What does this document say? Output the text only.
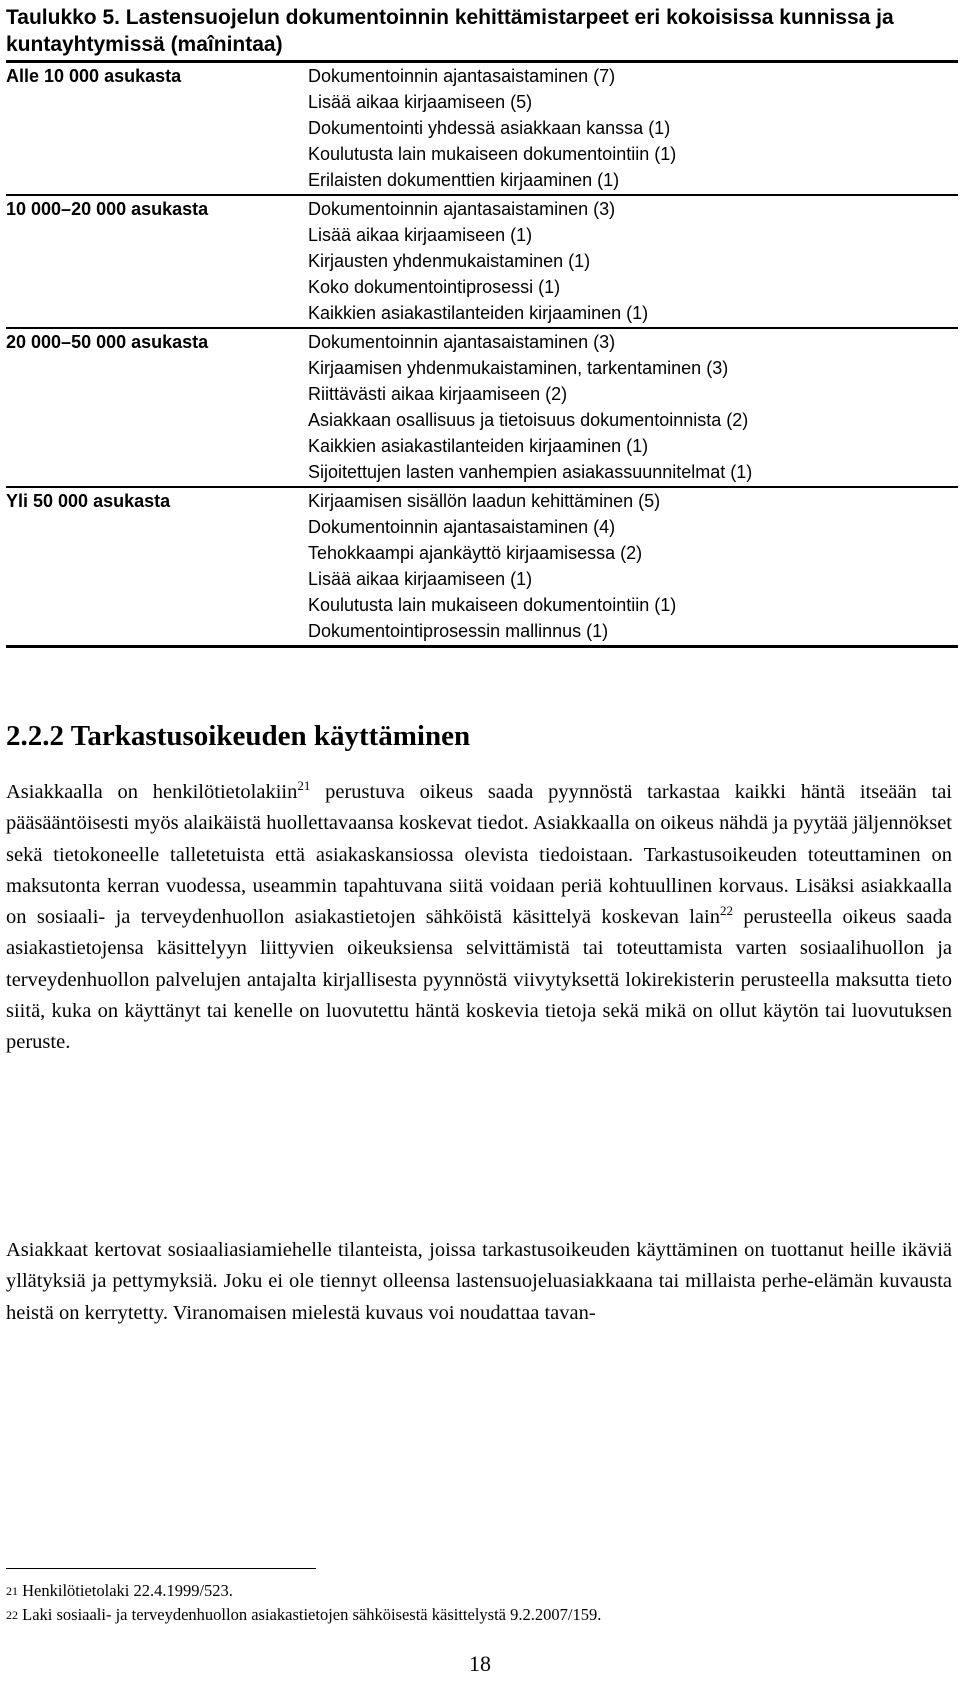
Taulukko 5. Lastensuojelun dokumentoinnin kehittämistarpeet eri kokoisissa kunnissa ja kuntayhtymissä (maînintaa)
Alle 10 000 asukasta	Dokumentoinnin ajantasaistaminen (7)
Lisää aikaa kirjaamiseen (5)
Dokumentointi yhdessä asiakkaan kanssa (1)
Koulutusta lain mukaiseen dokumentointiin (1)
Erilaisten dokumenttien kirjaaminen (1)
10 000–20 000 asukasta	Dokumentoinnin ajantasaistaminen (3)
Lisää aikaa kirjaamiseen (1)
Kirjausten yhdenmukaistaminen (1)
Koko dokumentointiprosessi (1)
Kaikkien asiakastilanteiden kirjaaminen (1)
20 000–50 000 asukasta	Dokumentoinnin ajantasaistaminen (3)
Kirjaamisen yhdenmukaistaminen, tarkentaminen (3)
Riittävästi aikaa kirjaamiseen (2)
Asiakkaan osallisuus ja tietoisuus dokumentoinnista (2)
Kaikkien asiakastilanteiden kirjaaminen (1)
Sijoitettujen lasten vanhempien asiakassuunnitelmat (1)
Yli 50 000 asukasta	Kirjaamisen sisällön laadun kehittäminen (5)
Dokumentoinnin ajantasaistaminen (4)
Tehokkaampi ajankäyttö kirjaamisessa (2)
Lisää aikaa kirjaamiseen (1)
Koulutusta lain mukaiseen dokumentointiin (1)
Dokumentointiprosessin mallinnus (1)
2.2.2 Tarkastusoikeuden käyttäminen

Asiakkaalla on henkilötietolakiin$^{21}$ perustuva oikeus saada pyynnöstä tarkastaa kaikki häntä itseään tai pääsääntöisesti myös alaikäistä huollettavaansa koskevat tiedot. Asiakkaalla on oikeus nähdä ja pyytää jäljennökset sekä tietokoneelle talletetuista että asiakaskansiossa olevista tiedoistaan. Tarkastusoikeuden toteuttaminen on maksutonta kerran vuodessa, useammin tapahtuvana siitä voidaan periä kohtuullinen korvaus. Lisäksi asiakkaalla on sosiaali- ja terveydenhuollon asiakastietojen sähköistä käsittelyä koskevan lain$^{22}$ perusteella oikeus saada asiakastietojensa käsittelyyn liittyvien oikeuksiensa selvittämistä tai toteuttamista varten sosiaalihuollon ja terveydenhuollon palvelujen antajalta kirjallisesta pyynnöstä viivytyksettä lokirekisterin perusteella maksutta tieto siitä, kuka on käyttänyt tai kenelle on luovutettu häntä koskevia tietoja sekä mikä on ollut käytön tai luovutuksen peruste.

Asiakkaat kertovat sosiaaliasiamiehelle tilanteista, joissa tarkastusoikeuden käyttäminen on tuottanut heille ikäviä yllätyksiä ja pettymyksiä. Joku ei ole tiennyt olleensa lastensuojeluasiakkaana tai millaista perhe-elämän kuvausta heistä on kerrytetty. Viranomaisen mielestä kuvaus voi noudattaa tavan-

$^{21}$ Henkilötietolaki 22.4.1999/523.
$^{22}$ Laki sosiaali- ja terveydenhuollon asiakastietojen sähköisestä käsittelystä 9.2.2007/159.
18
